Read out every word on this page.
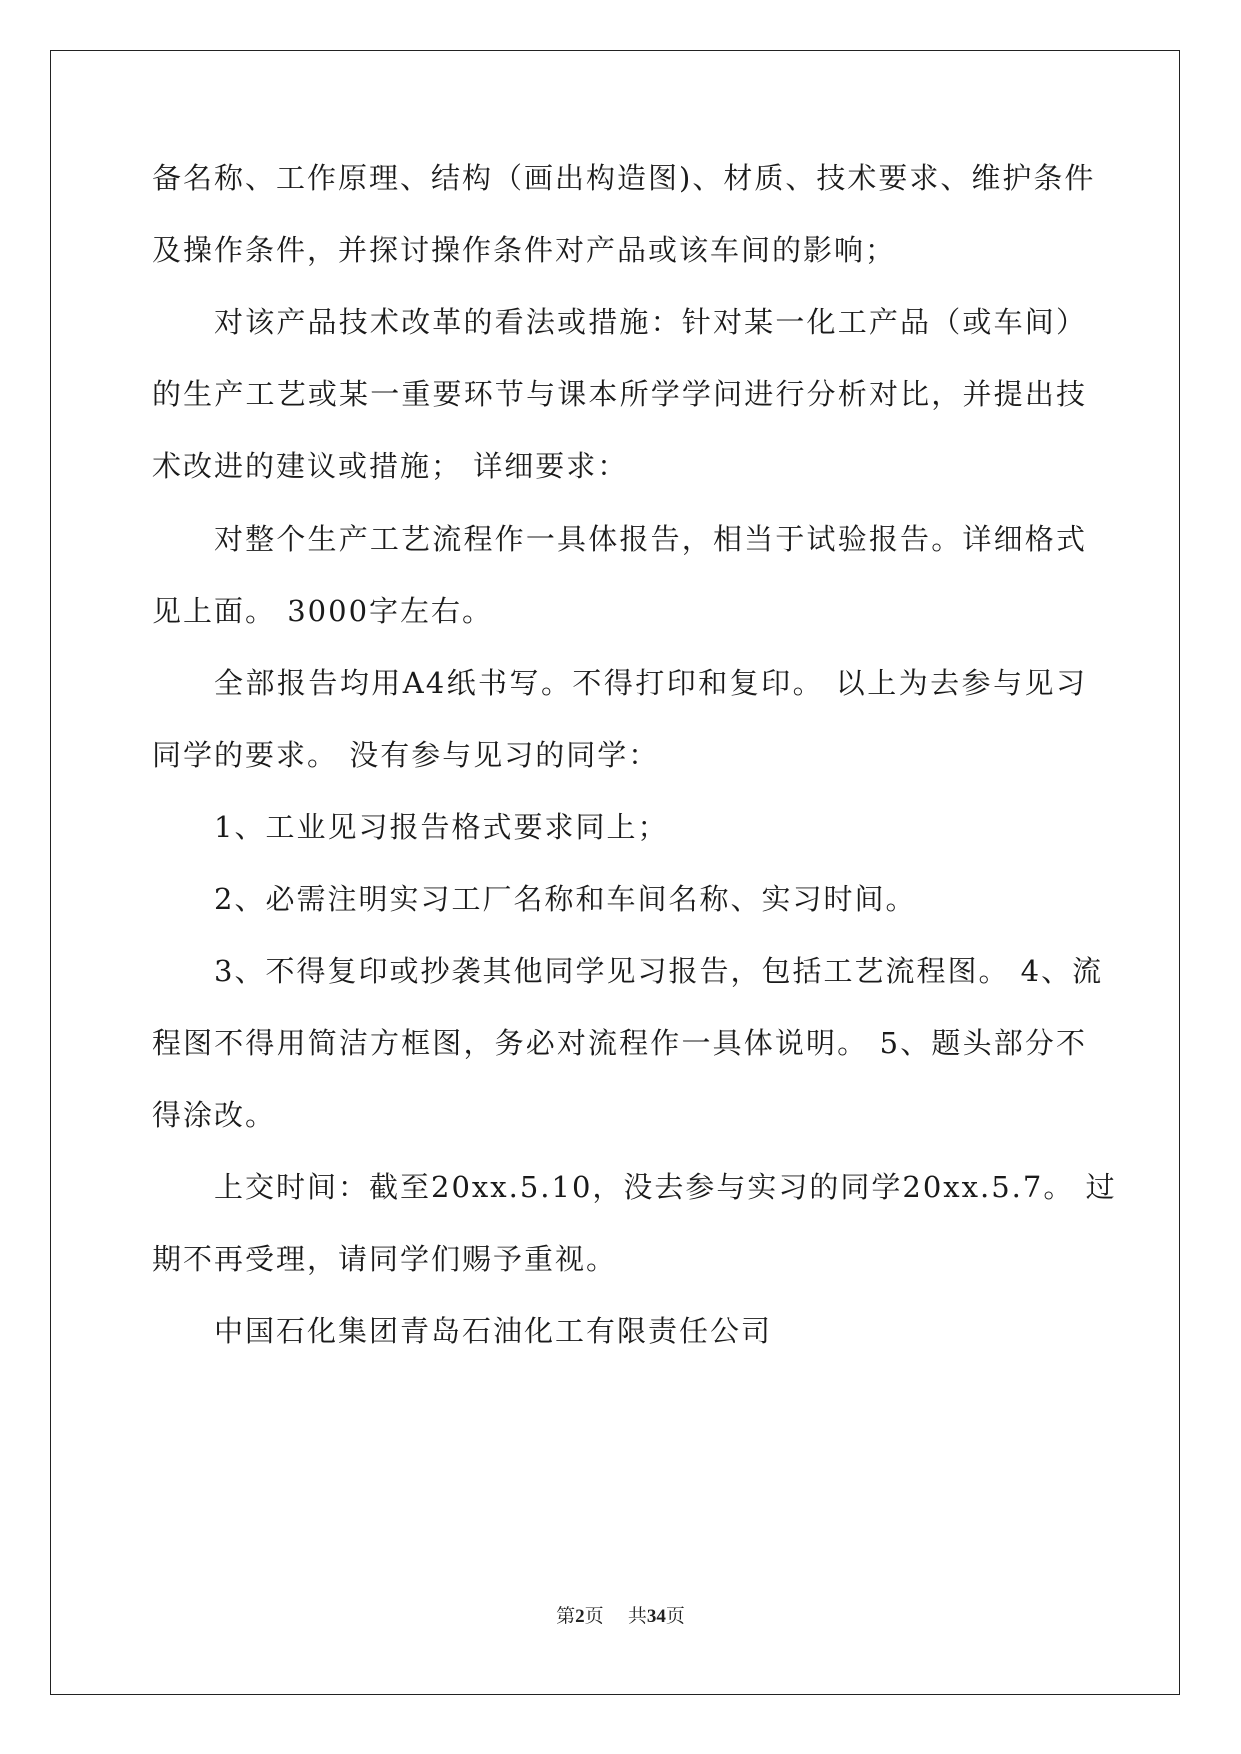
备名称、工作原理、结构（画出构造图)、材质、技术要求、维护条件
及操作条件，并探讨操作条件对产品或该车间的影响；
对该产品技术改革的看法或措施：针对某一化工产品（或车间）
的生产工艺或某一重要环节与课本所学学问进行分析对比，并提出技
术改进的建议或措施； 详细要求：
对整个生产工艺流程作一具体报告，相当于试验报告。详细格式
见上面。 3000字左右。
全部报告均用A4纸书写。不得打印和复印。 以上为去参与见习
同学的要求。 没有参与见习的同学：
1、工业见习报告格式要求同上；
2、必需注明实习工厂名称和车间名称、实习时间。
3、不得复印或抄袭其他同学见习报告，包括工艺流程图。 4、流
程图不得用简洁方框图，务必对流程作一具体说明。 5、题头部分不
得涂改。
上交时间：截至20xx.5.10，没去参与实习的同学20xx.5.7。 过
期不再受理，请同学们赐予重视。
中国石化集团青岛石油化工有限责任公司
第2页    共34页
